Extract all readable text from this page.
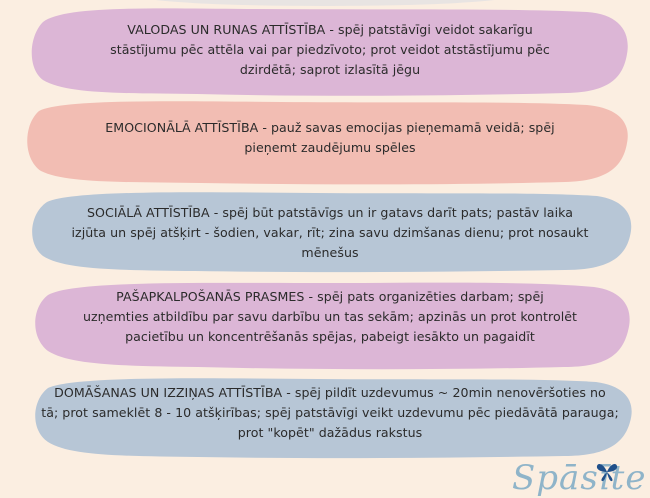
VALODAS UN RUNAS ATTĪSTĪBA - spēj patstāvīgi veidot sakarīgu
stāstījumu pēc attēla vai par piedzīvoto; prot veidot atstāstījumu pēc
dzirdētā; saprot izlasītā jēgu
EMOCIONĀLĀ ATTĪSTĪBA - pauž savas emocijas pieņemamā veidā; spēj
pieņemt zaudējumu spēles
SOCIĀLĀ ATTĪSTĪBA - spēj būt patstāvīgs un ir gatavs darīt pats; pastāv laika
izjūta un spēj atšķirt - šodien, vakar, rīt; zina savu dzimšanas dienu; prot nosaukt
mēnešus
PAŠAPKALPOŠANĀS PRASMES - spēj pats organizēties darbam; spēj
uzņemties atbildību par savu darbību un tas sekām; apzinās un prot kontrolēt
pacietību un koncentrēšanās spējas, pabeigt iesākto un pagaidīt
DOMĀŠANAS UN IZZIŅAS ATTĪSTĪBA - spēj pildīt uzdevumus ~ 20min nenovēršoties no
tā; prot sameklēt 8 - 10 atšķirības; spēj patstāvīgi veikt uzdevumu pēc piedāvātā parauga;
prot "kopēt" dažādus rakstus
Spāsīte
